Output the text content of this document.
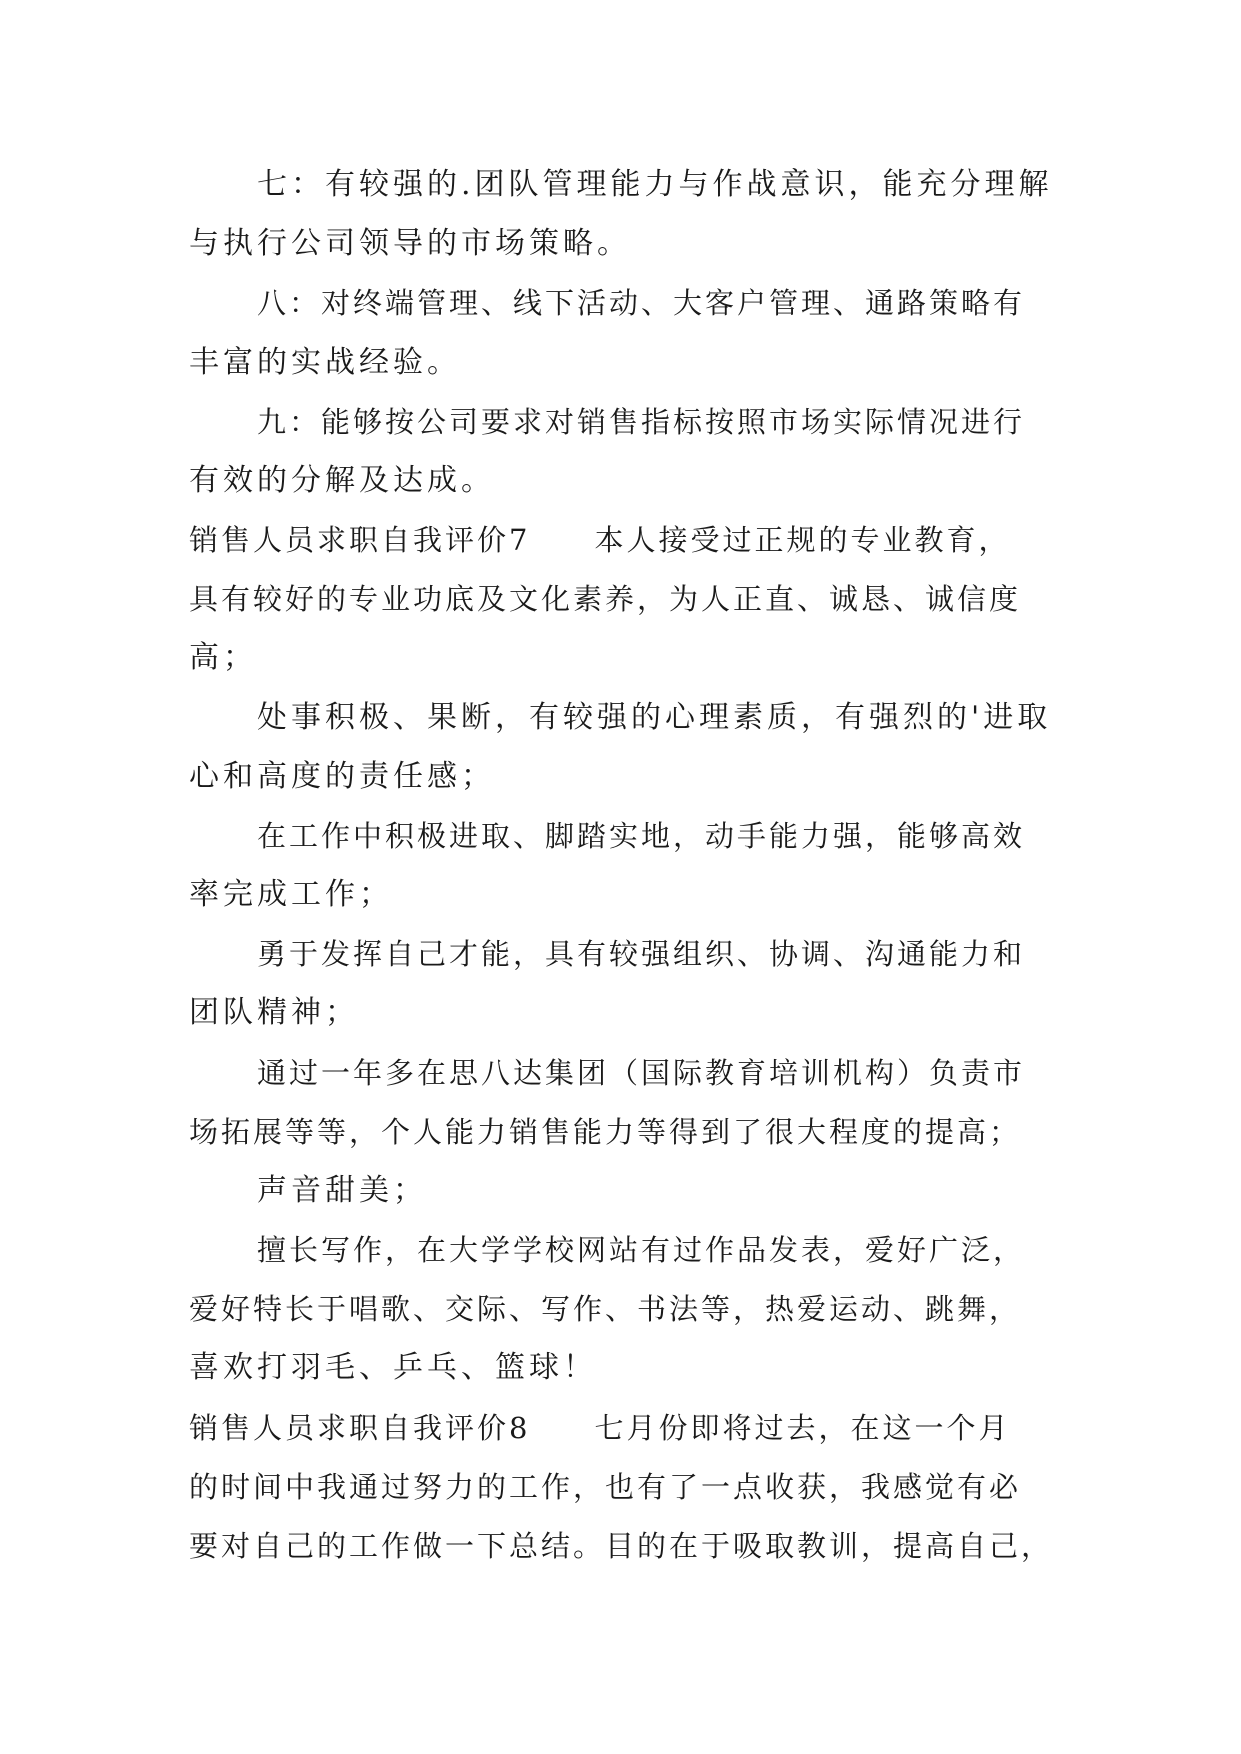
七：有较强的.团队管理能力与作战意识，能充分理解
与执行公司领导的市场策略。
八：对终端管理、线下活动、大客户管理、通路策略有
丰富的实战经验。
九：能够按公司要求对销售指标按照市场实际情况进行
有效的分解及达成。
销售人员求职自我评价7　　本人接受过正规的专业教育，
具有较好的专业功底及文化素养，为人正直、诚恳、诚信度
高；
处事积极、果断，有较强的心理素质，有强烈的'进取
心和高度的责任感；
在工作中积极进取、脚踏实地，动手能力强，能够高效
率完成工作；
勇于发挥自己才能，具有较强组织、协调、沟通能力和
团队精神；
通过一年多在思八达集团（国际教育培训机构）负责市
场拓展等等，个人能力销售能力等得到了很大程度的提高；
声音甜美；
擅长写作，在大学学校网站有过作品发表，爱好广泛，
爱好特长于唱歌、交际、写作、书法等，热爱运动、跳舞，
喜欢打羽毛、乒乓、篮球！
销售人员求职自我评价8　　七月份即将过去，在这一个月
的时间中我通过努力的工作，也有了一点收获，我感觉有必
要对自己的工作做一下总结。目的在于吸取教训，提高自己，
